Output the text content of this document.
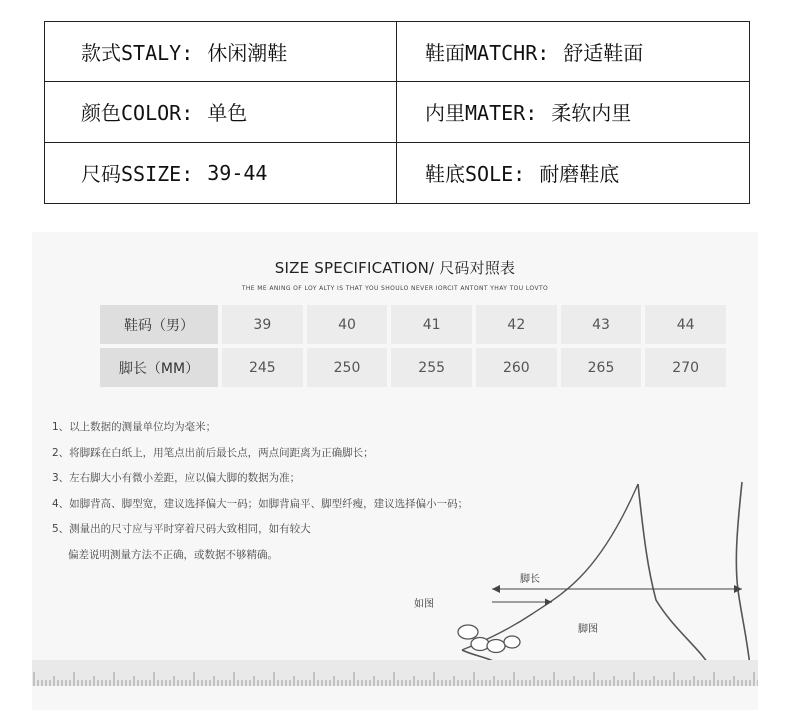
款式STALY: 休闲潮鞋	鞋面MATCHR: 舒适鞋面
颜色COLOR: 单色	内里MATER: 柔软内里
尺码SSIZE: 39-44	鞋底SOLE: 耐磨鞋底
SIZE SPECIFICATION/ 尺码对照表
THE ME ANING OF LOY ALTY IS THAT YOU SHOULO NEVER IORCIT ANTONT YHAY TOU LOVTO
鞋码（男）	39	40	41	42	43	44
脚长（MM）	245	250	255	260	265	270
1、以上数据的测量单位均为毫米；
2、将脚踩在白纸上，用笔点出前后最长点，两点间距离为正确脚长；
3、左右脚大小有微小差距，应以偏大脚的数据为准；
4、如脚背高、脚型宽，建议选择偏大一码；如脚背扁平、脚型纤瘦，建议选择偏小一码；
5、测量出的尺寸应与平时穿着尺码大致相同，如有较大
偏差说明测量方法不正确，或数据不够精确。
脚长
如图
脚图
